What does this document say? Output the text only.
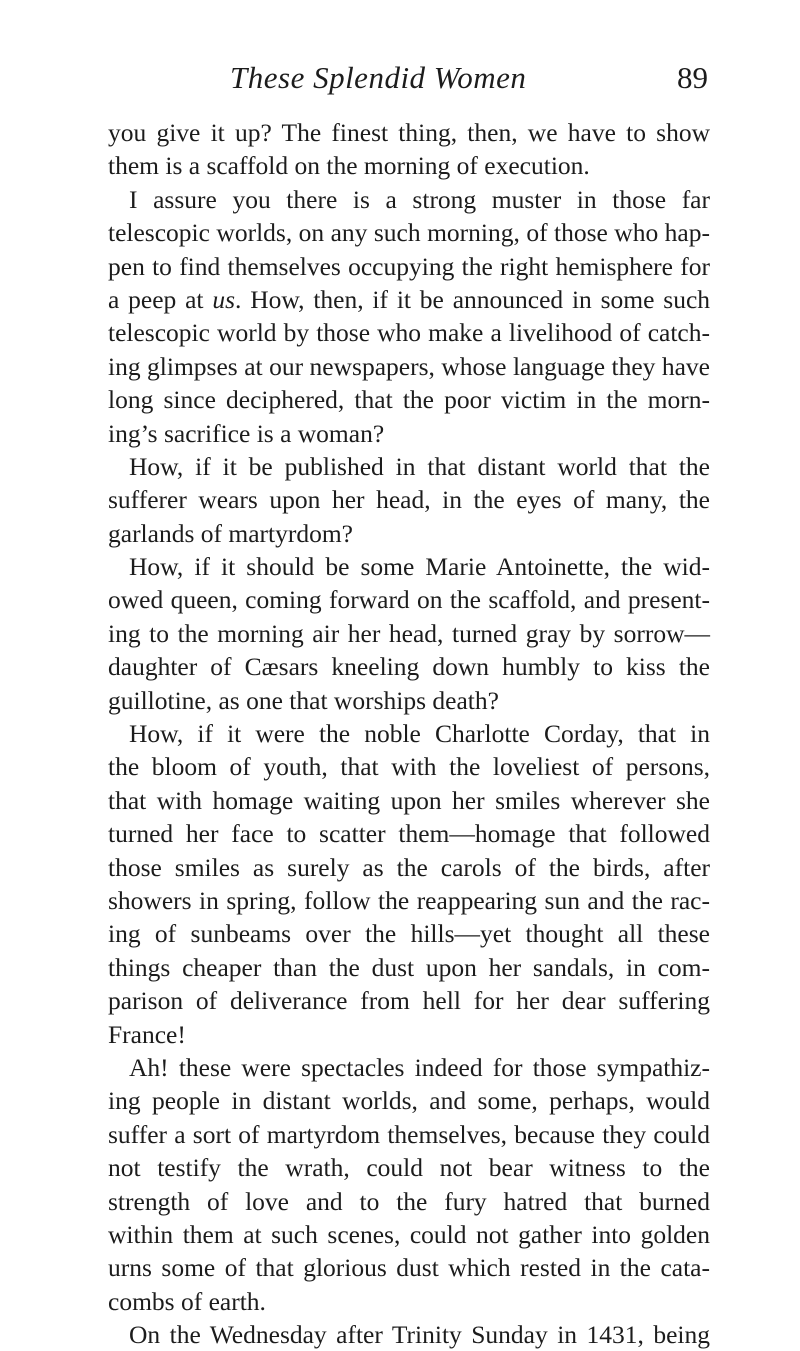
These Splendid Women	89
you give it up? The finest thing, then, we have to show
them is a scaffold on the morning of execution.
I assure you there is a strong muster in those far
telescopic worlds, on any such morning, of those who hap-
pen to find themselves occupying the right hemisphere for
a peep at us. How, then, if it be announced in some such
telescopic world by those who make a livelihood of catch-
ing glimpses at our newspapers, whose language they have
long since deciphered, that the poor victim in the morn-
ing’s sacrifice is a woman?
How, if it be published in that distant world that the
sufferer wears upon her head, in the eyes of many, the
garlands of martyrdom?
How, if it should be some Marie Antoinette, the wid-
owed queen, coming forward on the scaffold, and present-
ing to the morning air her head, turned gray by sorrow—
daughter of Cæsars kneeling down humbly to kiss the
guillotine, as one that worships death?
How, if it were the noble Charlotte Corday, that in
the bloom of youth, that with the loveliest of persons,
that with homage waiting upon her smiles wherever she
turned her face to scatter them—homage that followed
those smiles as surely as the carols of the birds, after
showers in spring, follow the reappearing sun and the rac-
ing of sunbeams over the hills—yet thought all these
things cheaper than the dust upon her sandals, in com-
parison of deliverance from hell for her dear suffering
France!
Ah! these were spectacles indeed for those sympathiz-
ing people in distant worlds, and some, perhaps, would
suffer a sort of martyrdom themselves, because they could
not testify the wrath, could not bear witness to the
strength of love and to the fury hatred that burned
within them at such scenes, could not gather into golden
urns some of that glorious dust which rested in the cata-
combs of earth.
On the Wednesday after Trinity Sunday in 1431, being
